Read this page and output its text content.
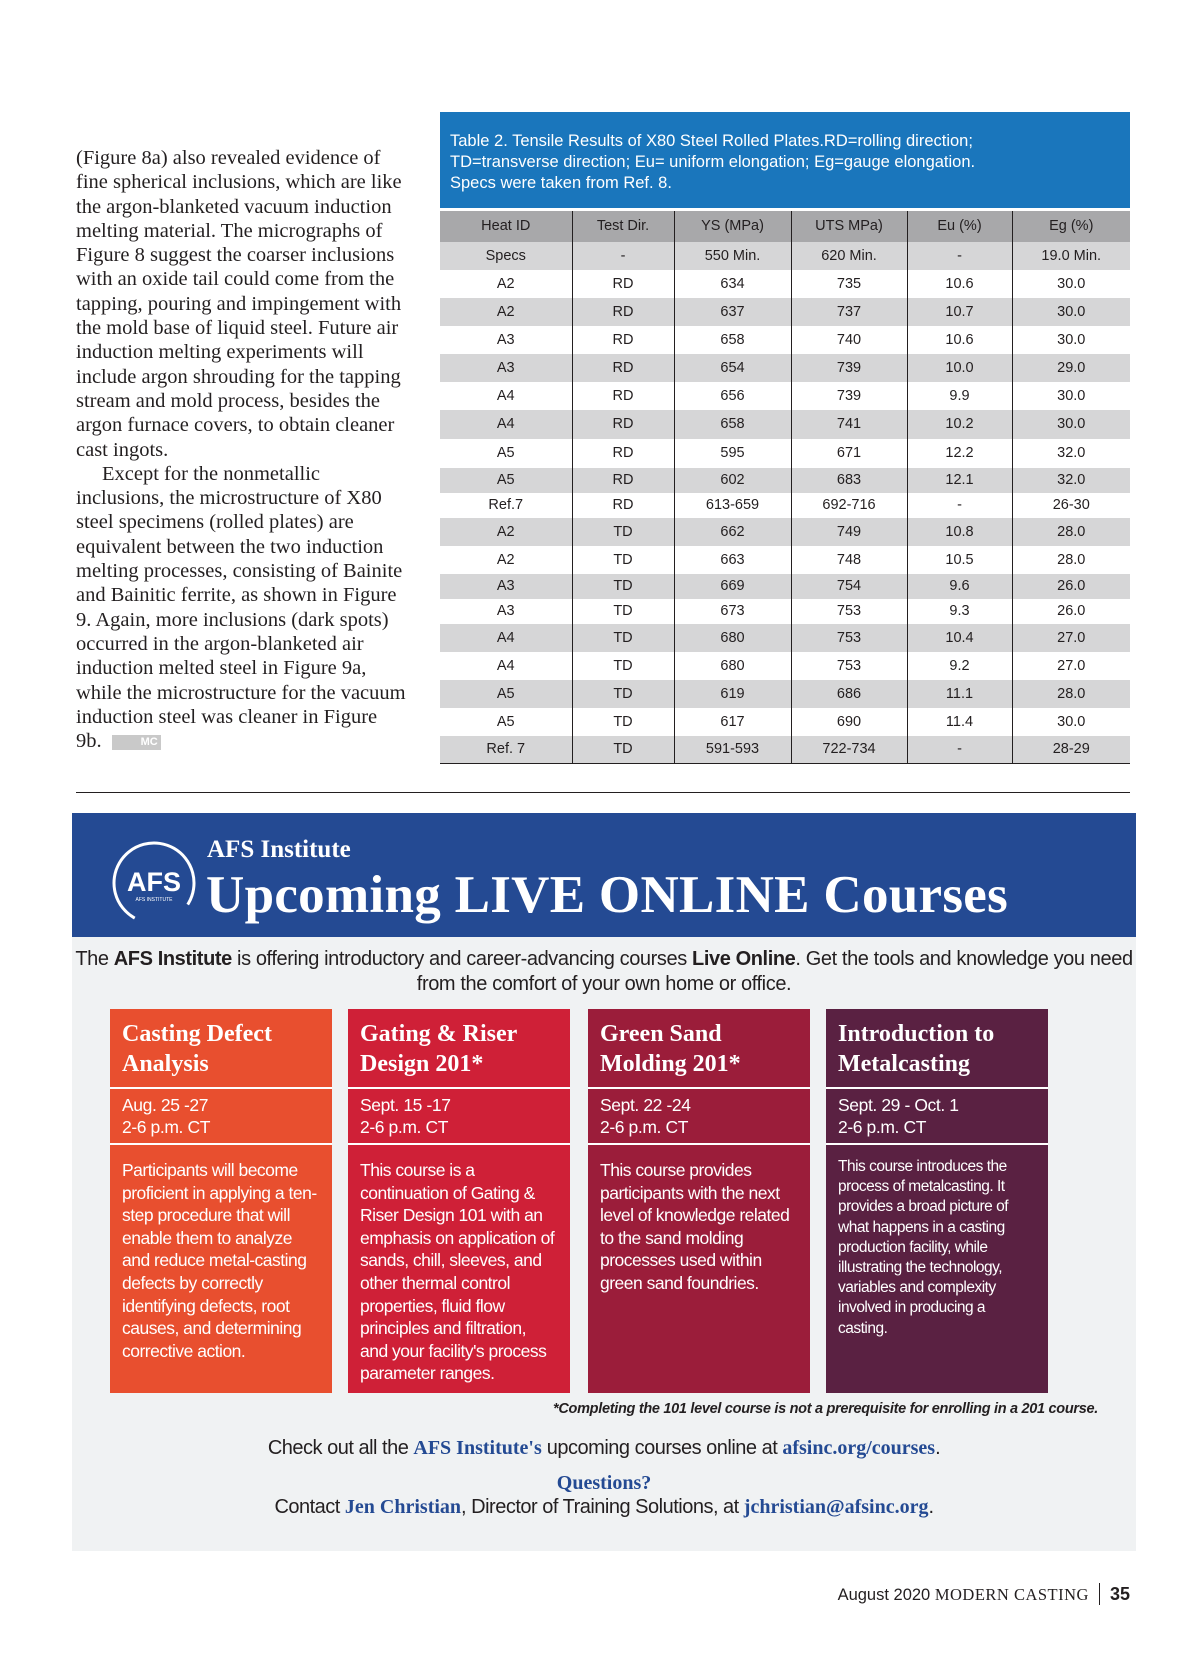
(Figure 8a) also revealed evidence of fine spherical inclusions, which are like the argon-blanketed vacuum induction melting material. The micrographs of Figure 8 suggest the coarser inclusions with an oxide tail could come from the tapping, pouring and impingement with the mold base of liquid steel. Future air induction melting experiments will include argon shrouding for the tapping stream and mold process, besides the argon furnace covers, to obtain cleaner cast ingots.

Except for the nonmetallic inclusions, the microstructure of X80 steel specimens (rolled plates) are equivalent between the two induction melting processes, consisting of Bainite and Bainitic ferrite, as shown in Figure 9. Again, more inclusions (dark spots) occurred in the argon-blanketed air induction melted steel in Figure 9a, while the microstructure for the vacuum induction steel was cleaner in Figure 9b.	MC

Table 2. Tensile Results of X80 Steel Rolled Plates.RD=rolling direction;
TD=transverse direction; Eu= uniform elongation; Eg=gauge elongation.
Specs were taken from Ref. 8.
Heat ID	Test Dir.	YS (MPa)	UTS MPa)	Eu (%)	Eg (%)
Specs	-	550 Min.	620 Min.	-	19.0 Min.
A2	RD	634	735	10.6	30.0
A2	RD	637	737	10.7	30.0
A3	RD	658	740	10.6	30.0
A3	RD	654	739	10.0	29.0
A4	RD	656	739	9.9	30.0
A4	RD	658	741	10.2	30.0
A5	RD	595	671	12.2	32.0
A5	RD	602	683	12.1	32.0
Ref.7	RD	613-659	692-716	-	26-30
A2	TD	662	749	10.8	28.0
A2	TD	663	748	10.5	28.0
A3	TD	669	754	9.6	26.0
A3	TD	673	753	9.3	26.0
A4	TD	680	753	10.4	27.0
A4	TD	680	753	9.2	27.0
A5	TD	619	686	11.1	28.0
A5	TD	617	690	11.4	30.0
Ref. 7	TD	591-593	722-734	-	28-29
AFS
AFS INSTITUTE
AFS Institute
Upcoming LIVE ONLINE Courses
The AFS Institute is offering introductory and career-advancing courses Live Online. Get the tools and knowledge you need from the comfort of your own home or office.
Casting Defect Analysis
Aug. 25 -27
2-6 p.m. CT
Participants will become proficient in applying a ten-step procedure that will enable them to analyze and reduce metal-casting defects by correctly identifying defects, root causes, and determining corrective action.
Gating & Riser Design 201*
Sept. 15 -17
2-6 p.m. CT
This course is a continuation of Gating & Riser Design 101 with an emphasis on application of sands, chill, sleeves, and other thermal control properties, fluid flow principles and filtration, and your facility's process parameter ranges.
Green Sand Molding 201*
Sept. 22 -24
2-6 p.m. CT
This course provides participants with the next level of knowledge related to the sand molding processes used within green sand foundries.
Introduction to Metalcasting
Sept. 29 - Oct. 1
2-6 p.m. CT
This course introduces the process of metalcasting. It provides a broad picture of what happens in a casting production facility, while illustrating the technology, variables and complexity involved in producing a casting.
*Completing the 101 level course is not a prerequisite for enrolling in a 201 course.
Check out all the AFS Institute's upcoming courses online at afsinc.org/courses.
Questions?
Contact Jen Christian, Director of Training Solutions, at jchristian@afsinc.org.
August 2020 MODERN CASTING 35
